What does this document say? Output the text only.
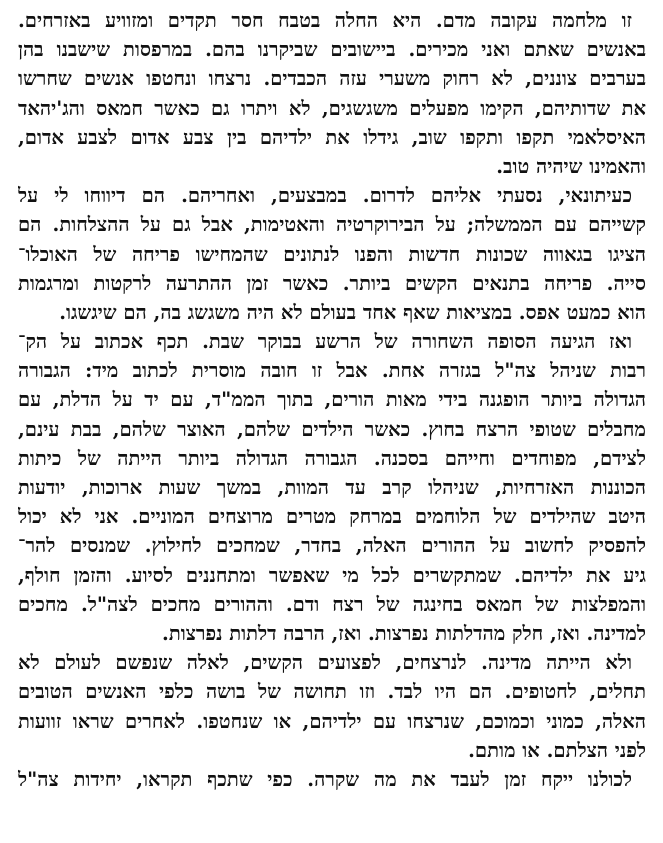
זו מלחמה עקובה מדם. היא החלה בטבח חסר תקדים ומזוויע באזרחים.
באנשים שאתם ואני מכירים. ביישובים שביקרנו בהם. במרפסות שישבנו בהן
בערבים צוננים, לא רחוק משערי עזה הכבדים. נרצחו ונחטפו אנשים שחרשו
את שדותיהם, הקימו מפעלים משגשגים, לא ויתרו גם כאשר חמאס והג'יהאד
האיסלאמי תקפו ותקפו שוב, גידלו את ילדיהם בין צבע אדום לצבע אדום,
והאמינו שיהיה טוב.
כעיתונאי, נסעתי אליהם לדרום. במבצעים, ואחריהם. הם דיווחו לי על
קשייהם עם הממשלה; על הבירוקרטיה והאטימות, אבל גם על ההצלחות. הם
הציגו בגאווה שכונות חדשות והפנו לנתונים שהמחישו פריחה של האוכלו־
סייה. פריחה בתנאים הקשים ביותר. כאשר זמן ההתרעה לרקטות ומרגמות
הוא כמעט אפס. במציאות שאף אחד בעולם לא היה משגשג בה, הם שיגשגו.
ואז הגיעה הסופה השחורה של הרשע בבוקר שבת. תכף אכתוב על הק־
רבות שניהל צה"ל בגזרה אחת. אבל זו חובה מוסרית לכתוב מיד: הגבורה
הגדולה ביותר הופגנה בידי מאות הורים, בתוך הממ"ד, עם יד על הדלת, עם
מחבלים שטופי הרצח בחוץ. כאשר הילדים שלהם, האוצר שלהם, בבת עינם,
לצידם, מפוחדים וחייהם בסכנה. הגבורה הגדולה ביותר הייתה של כיתות
הכוננות האזרחיות, שניהלו קרב עד המוות, במשך שעות ארוכות, יודעות
היטב שהילדים של הלוחמים במרחק מטרים מרוצחים המוניים. אני לא יכול
להפסיק לחשוב על ההורים האלה, בחדר, שמחכים לחילוץ. שמנסים להר־
גיע את ילדיהם. שמתקשרים לכל מי שאפשר ומתחננים לסיוע. והזמן חולף,
והמפלצות של חמאס בחינגה של רצח ודם. וההורים מחכים לצה"ל. מחכים
למדינה. ואז, חלק מהדלתות נפרצות. ואז, הרבה דלתות נפרצות.
ולא הייתה מדינה. לנרצחים, לפצועים הקשים, לאלה שנפשם לעולם לא
תחלים, לחטופים. הם היו לבד. וזו תחושה של בושה כלפי האנשים הטובים
האלה, כמוני וכמוכם, שנרצחו עם ילדיהם, או שנחטפו. לאחרים שראו זוועות
לפני הצלתם. או מותם.
לכולנו ייקח זמן לעבד את מה שקרה. כפי שתכף תקראו, יחידות צה"ל
